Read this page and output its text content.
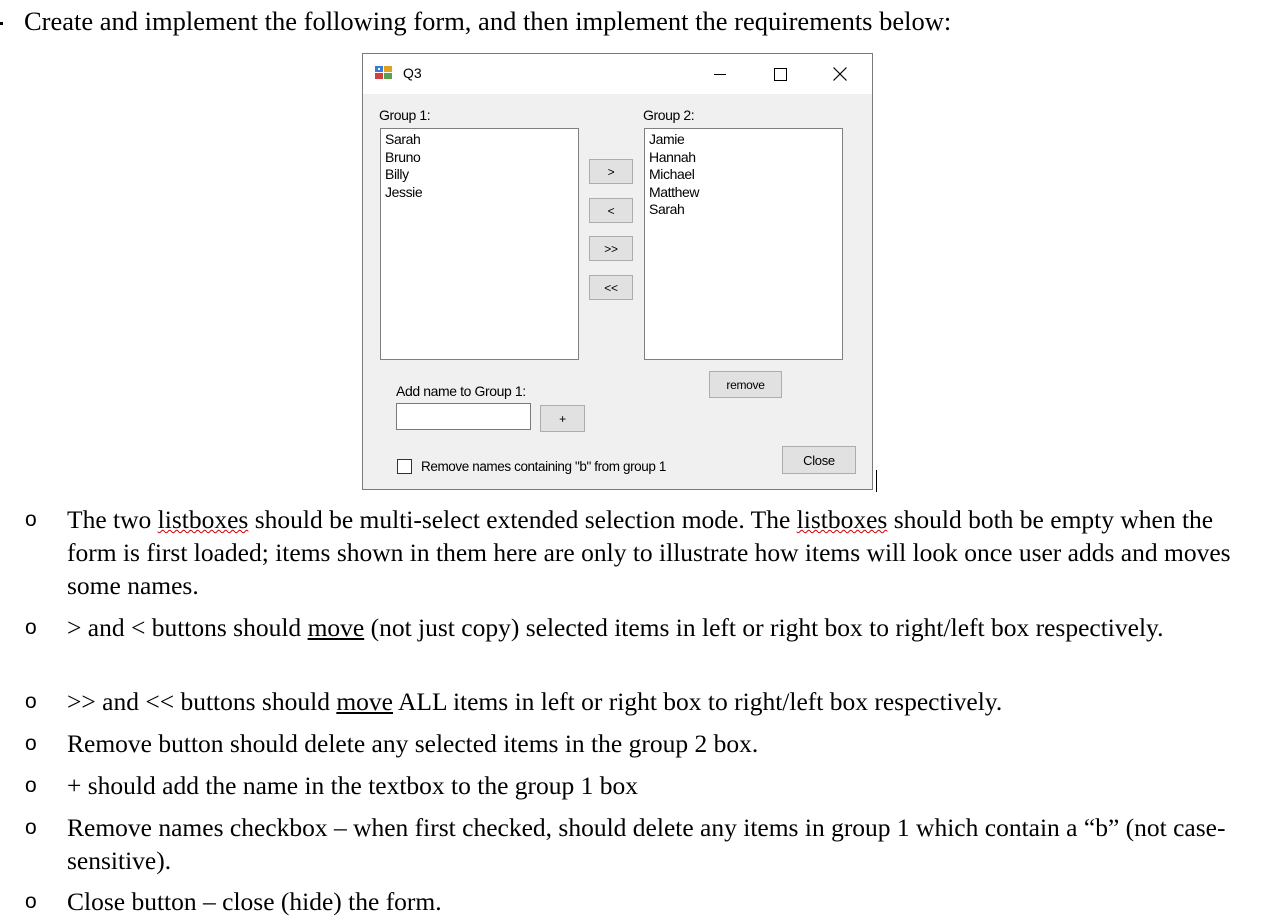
Create and implement the following form, and then implement the requirements below:
Q3
Group 1:	Group 2:
Sarah
Bruno
Billy
Jessie
Jamie
Hannah
Michael
Matthew
Sarah
>
<
>>
<<
remove
Add name to Group 1:
+
Remove names containing "b" from group 1	Close
o The two listboxes should be multi-select extended selection mode. The listboxes should both be empty when the form is first loaded; items shown in them here are only to illustrate how items will look once user adds and moves some names.
o > and < buttons should move (not just copy) selected items in left or right box to right/left box respectively.
o >> and << buttons should move ALL items in left or right box to right/left box respectively.
o Remove button should delete any selected items in the group 2 box.
o + should add the name in the textbox to the group 1 box
o Remove names checkbox – when first checked, should delete any items in group 1 which contain a “b” (not case-sensitive).
o Close button – close (hide) the form.
